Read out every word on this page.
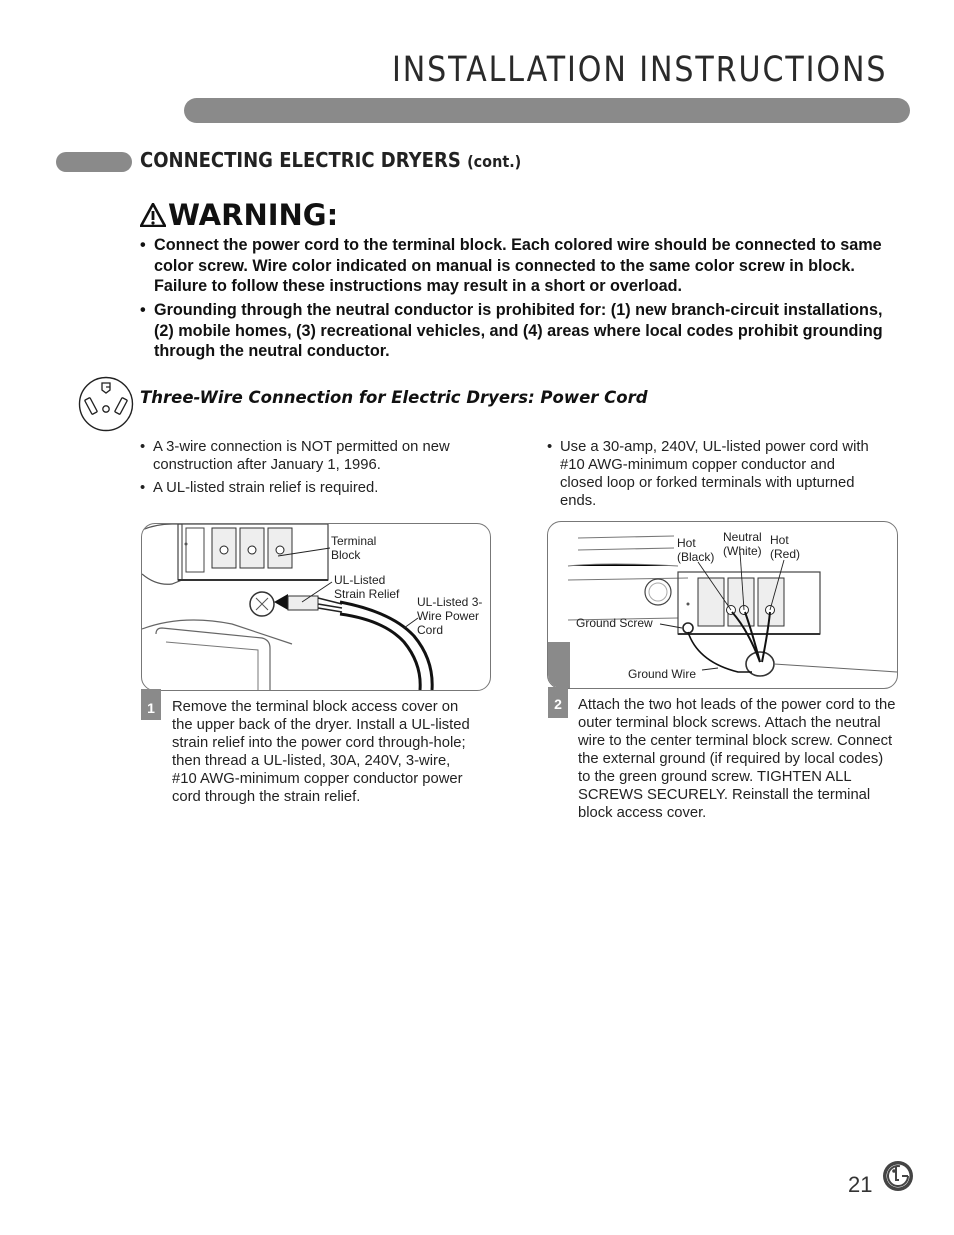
INSTALLATION INSTRUCTIONS
CONNECTING ELECTRIC DRYERS (cont.)
WARNING:
• Connect the power cord to the terminal block. Each colored wire should be connected to same color screw. Wire color indicated on manual is connected to the same color screw in block. Failure to follow these instructions may result in a short or overload.
• Grounding through the neutral conductor is prohibited for: (1) new branch-circuit installations, (2) mobile homes, (3) recreational vehicles, and (4) areas where local codes prohibit grounding through the neutral conductor.
Three-Wire Connection for Electric Dryers: Power Cord
• A 3-wire connection is NOT permitted on new construction after January 1, 1996.
• A UL-listed strain relief is required.
• Use a 30-amp, 240V, UL-listed power cord with #10 AWG-minimum copper conductor and closed loop or forked terminals with upturned ends.
Terminal Block
UL-Listed Strain Relief
UL-Listed 3-Wire Power Cord
1	Remove the terminal block access cover on the upper back of the dryer. Install a UL-listed strain relief into the power cord through-hole; then thread a UL-listed, 30A, 240V, 3-wire, #10 AWG-minimum copper conductor power cord through the strain relief.
Hot (Black)
Neutral (White)
Hot (Red)
Ground Screw
Ground Wire
2	Attach the two hot leads of the power cord to the outer terminal block screws. Attach the neutral wire to the center terminal block screw. Connect the external ground (if required by local codes) to the green ground screw. TIGHTEN ALL SCREWS SECURELY. Reinstall the terminal block access cover.
21
